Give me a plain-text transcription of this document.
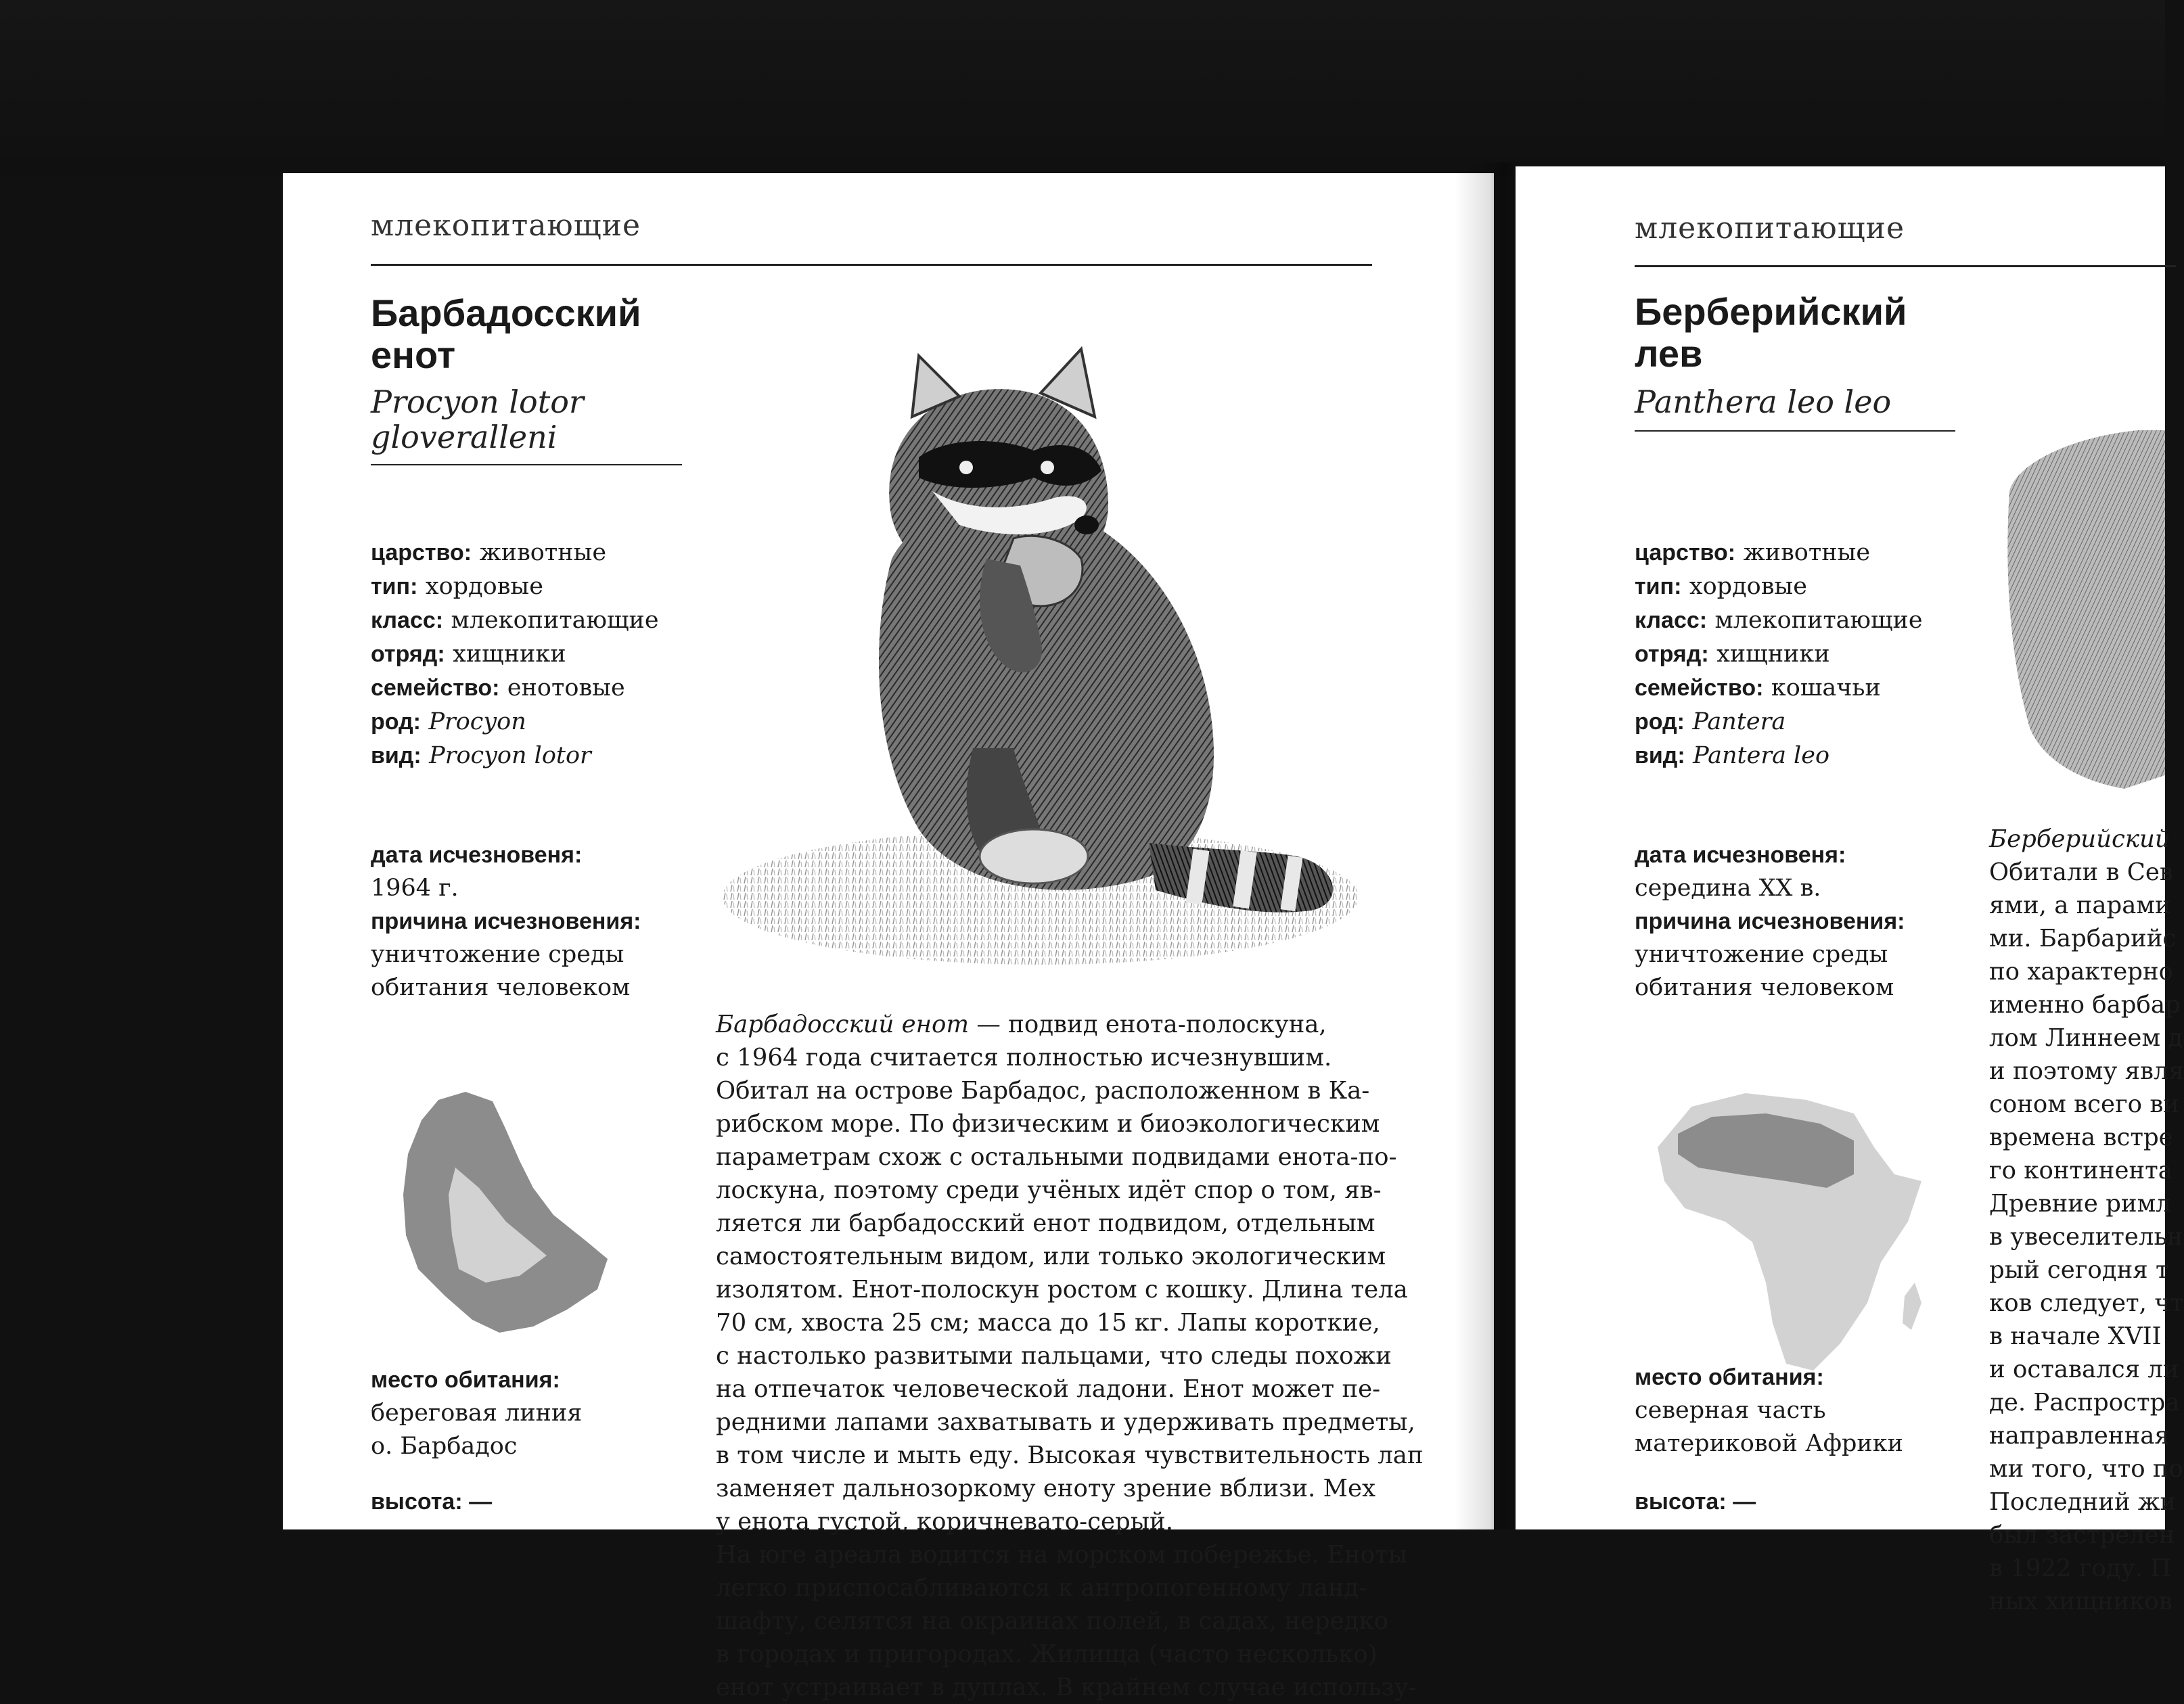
млекопитающие
Барбадосский
енот
Procyon lotor
gloveralleni
царство: животные
тип: хордовые
класс: млекопитающие
отряд: хищники
семейство: енотовые
род: Procyon
вид: Procyon lotor
дата исчезновеня:
1964 г.
причина исчезновения:
уничтожение среды
обитания человеком
место обитания:
береговая линия
о. Барбадос
высота: —
Барбадосский енот — подвид енота-полоскуна,
с 1964 года считается полностью исчезнувшим.
Обитал на острове Барбадос, расположенном в Ка-
рибском море. По физическим и биоэкологическим
параметрам схож с остальными подвидами енота-по-
лоскуна, поэтому среди учёных идёт спор о том, яв-
ляется ли барбадосский енот подвидом, отдельным
самостоятельным видом, или только экологическим
изолятом. Енот-полоскун ростом с кошку. Длина тела
70 см, хвоста 25 см; масса до 15 кг. Лапы короткие,
с настолько развитыми пальцами, что следы похожи
на отпечаток человеческой ладони. Енот может пе-
редними лапами захватывать и удерживать предметы,
в том числе и мыть еду. Высокая чувствительность лап
заменяет дальнозоркому еноту зрение вблизи. Мех
у енота густой, коричневато-серый.
На юге ареала водится на морском побережье. Еноты
легко приспосабливаются к антропогенному ланд-
шафту, селятся на окраинах полей, в садах, нередко
в городах и пригородах. Жилища (часто несколько)
енот устраивает в дуплах. В крайнем случае использу-
млекопитающие
Берберийский
лев
Panthera leo leo
царство: животные
тип: хордовые
класс: млекопитающие
отряд: хищники
семейство: кошачьи
род: Pantera
вид: Pantera leo
дата исчезновеня:
середина XX в.
причина исчезновения:
уничтожение среды
обитания человеком
место обитания:
северная часть
материковой Африки
высота: —
Берберийский
Обитали в Сев
ями, а парами
ми. Барбарийс
по характерно
именно барбар
лом Линнеем д
и поэтому явля
соном всего ви
времена встре
го континента
Древние римл
в увеселительн
рый сегодня т
ков следует, чт
в начале XVII
и оставался ли
де. Распростра
направленная
ми того, что по
Последний жи
был застрелен
в 1922 году. П
ных хищников
